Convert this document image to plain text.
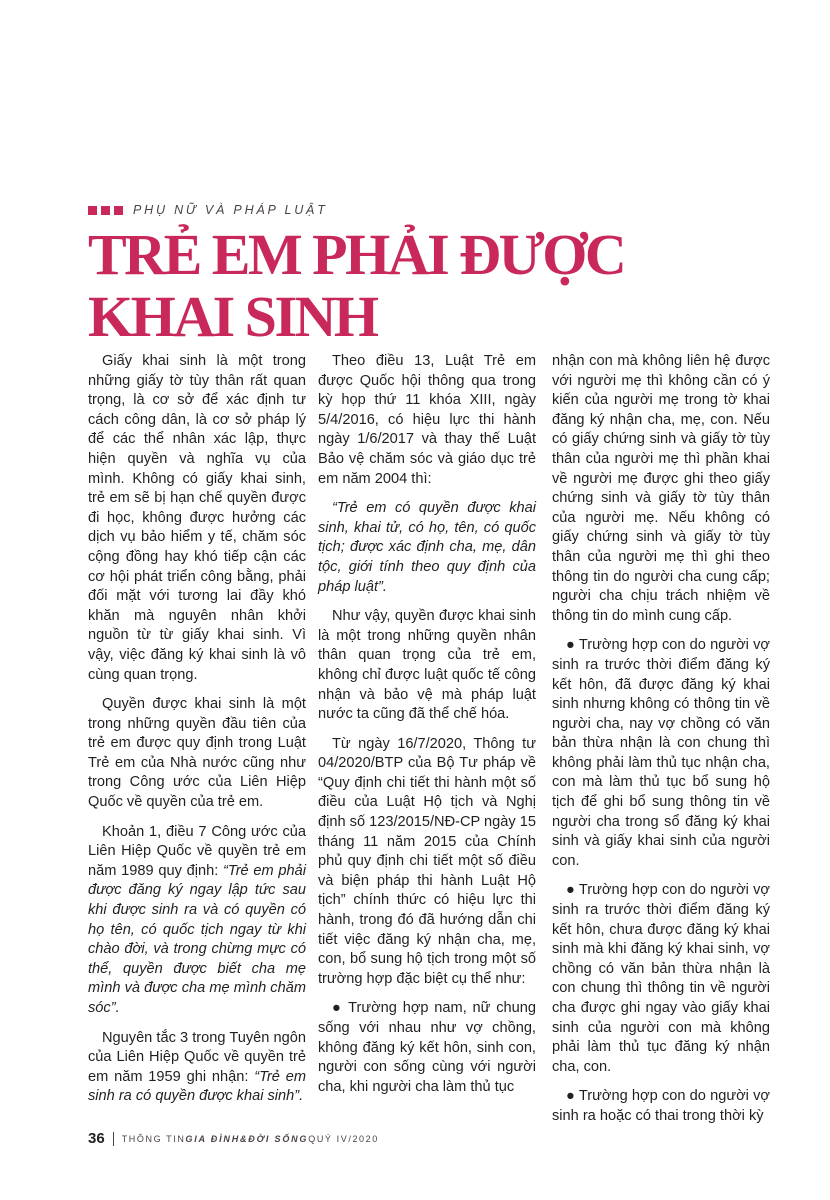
PHỤ NỮ VÀ PHÁP LUẬT
TRẺ EM PHẢI ĐƯỢC
KHAI SINH

Giấy khai sinh là một trong những giấy tờ tùy thân rất quan trọng, là cơ sở để xác định tư cách công dân, là cơ sở pháp lý để các thể nhân xác lập, thực hiện quyền và nghĩa vụ của mình. Không có giấy khai sinh, trẻ em sẽ bị hạn chế quyền được đi học, không được hưởng các dịch vụ bảo hiểm y tế, chăm sóc cộng đồng hay khó tiếp cận các cơ hội phát triển công bằng, phải đối mặt với tương lai đầy khó khăn mà nguyên nhân khởi nguồn từ từ giấy khai sinh. Vì vậy, việc đăng ký khai sinh là vô cùng quan trọng.

Quyền được khai sinh là một trong những quyền đầu tiên của trẻ em được quy định trong Luật Trẻ em của Nhà nước cũng như trong Công ước của Liên Hiệp Quốc về quyền của trẻ em.

Khoản 1, điều 7 Công ước của Liên Hiệp Quốc về quyền trẻ em năm 1989 quy định: “Trẻ em phải được đăng ký ngay lập tức sau khi được sinh ra và có quyền có họ tên, có quốc tịch ngay từ khi chào đời, và trong chừng mực có thể, quyền được biết cha mẹ mình và được cha mẹ mình chăm sóc”.

Nguyên tắc 3 trong Tuyên ngôn của Liên Hiệp Quốc về quyền trẻ em năm 1959 ghi nhận: “Trẻ em sinh ra có quyền được khai sinh”.

Theo điều 13, Luật Trẻ em được Quốc hội thông qua trong kỳ họp thứ 11 khóa XIII, ngày 5/4/2016, có hiệu lực thi hành ngày 1/6/2017 và thay thế Luật Bảo vệ chăm sóc và giáo dục trẻ em năm 2004 thì:

“Trẻ em có quyền được khai sinh, khai tử, có họ, tên, có quốc tịch; được xác định cha, mẹ, dân tộc, giới tính theo quy định của pháp luật”.

Như vậy, quyền được khai sinh là một trong những quyền nhân thân quan trọng của trẻ em, không chỉ được luật quốc tế công nhận và bảo vệ mà pháp luật nước ta cũng đã thể chế hóa.

Từ ngày 16/7/2020, Thông tư 04/2020/BTP của Bộ Tư pháp về “Quy định chi tiết thi hành một số điều của Luật Hộ tịch và Nghị định số 123/2015/NĐ-CP ngày 15 tháng 11 năm 2015 của Chính phủ quy định chi tiết một số điều và biện pháp thi hành Luật Hộ tịch” chính thức có hiệu lực thi hành, trong đó đã hướng dẫn chi tiết việc đăng ký nhận cha, mẹ, con, bổ sung hộ tịch trong một số trường hợp đặc biệt cụ thể như:

● Trường hợp nam, nữ chung sống với nhau như vợ chồng, không đăng ký kết hôn, sinh con, người con sống cùng với người cha, khi người cha làm thủ tục

nhận con mà không liên hệ được với người mẹ thì không cần có ý kiến của người mẹ trong tờ khai đăng ký nhận cha, mẹ, con. Nếu có giấy chứng sinh và giấy tờ tùy thân của người mẹ thì phần khai về người mẹ được ghi theo giấy chứng sinh và giấy tờ tùy thân của người mẹ. Nếu không có giấy chứng sinh và giấy tờ tùy thân của người mẹ thì ghi theo thông tin do người cha cung cấp; người cha chịu trách nhiệm về thông tin do mình cung cấp.

● Trường hợp con do người vợ sinh ra trước thời điểm đăng ký kết hôn, đã được đăng ký khai sinh nhưng không có thông tin về người cha, nay vợ chồng có văn bản thừa nhận là con chung thì không phải làm thủ tục nhận cha, con mà làm thủ tục bổ sung hộ tịch để ghi bổ sung thông tin về người cha trong sổ đăng ký khai sinh và giấy khai sinh của người con.

● Trường hợp con do người vợ sinh ra trước thời điểm đăng ký kết hôn, chưa được đăng ký khai sinh mà khi đăng ký khai sinh, vợ chồng có văn bản thừa nhận là con chung thì thông tin về người cha được ghi ngay vào giấy khai sinh của người con mà không phải làm thủ tục đăng ký nhận cha, con.

● Trường hợp con do người vợ sinh ra hoặc có thai trong thời kỳ

36 THÔNG TIN GIA ĐÌNH&ĐỜI SỐNG QUÝ IV/2020
